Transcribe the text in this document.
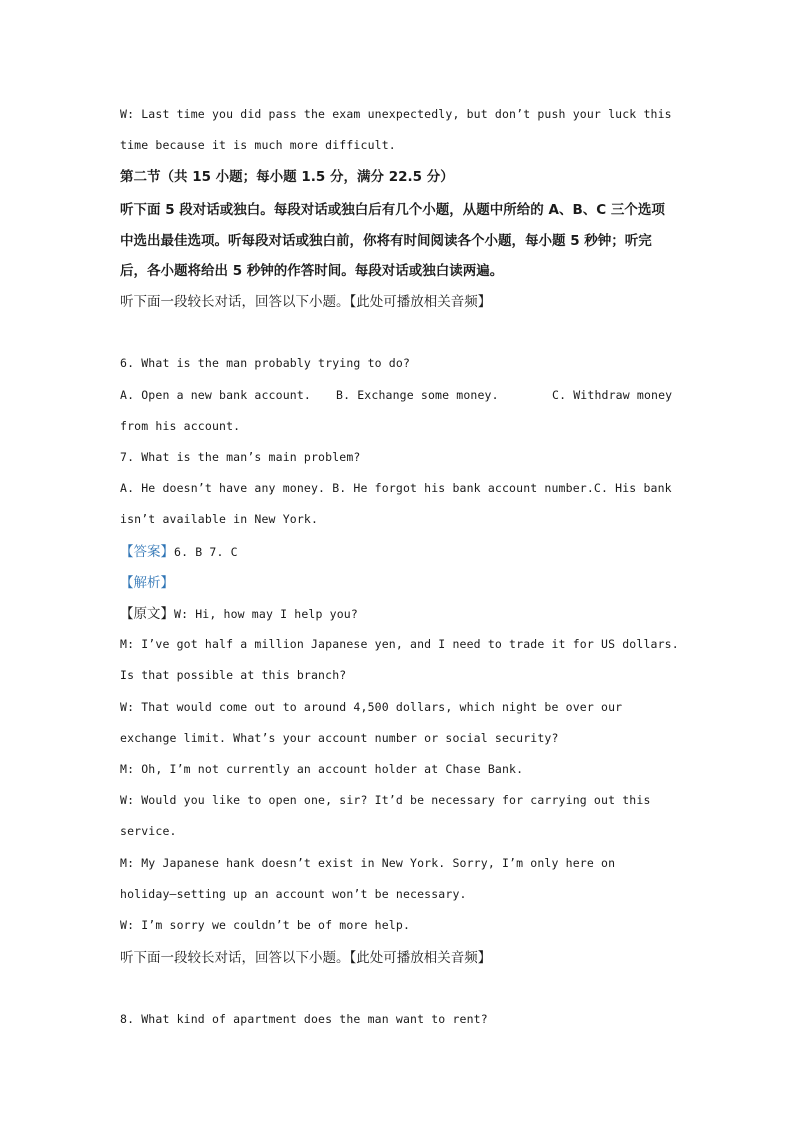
W: Last time you did pass the exam unexpectedly, but don’t push your luck this
time because it is much more difficult.
第二节（共 15 小题；每小题 1.5 分，满分 22.5 分）
听下面 5 段对话或独白。每段对话或独白后有几个小题，从题中所给的 A、B、C 三个选项
中选出最佳选项。听每段对话或独白前，你将有时间阅读各个小题，每小题 5 秒钟；听完
后，各小题将给出 5 秒钟的作答时间。每段对话或独白读两遍。
听下面一段较长对话，回答以下小题。【此处可播放相关音频】
6. What is the man probably trying to do?
A. Open a new bank account. B. Exchange some money.	C. Withdraw money
from his account.
7. What is the man’s main problem?
A. He doesn’t have any money. B. He forgot his bank account number.C. His bank
isn’t available in New York.
【答案】6. B 7. C
【解析】
【原文】W: Hi, how may I help you?
M: I’ve got half a million Japanese yen, and I need to trade it for US dollars.
Is that possible at this branch?
W: That would come out to around 4,500 dollars, which night be over our
exchange limit. What’s your account number or social security?
M: Oh, I’m not currently an account holder at Chase Bank.
W: Would you like to open one, sir? It’d be necessary for carrying out this
service.
M: My Japanese hank doesn’t exist in New York. Sorry, I’m only here on
holiday—setting up an account won’t be necessary.
W: I’m sorry we couldn’t be of more help.
听下面一段较长对话，回答以下小题。【此处可播放相关音频】
8. What kind of apartment does the man want to rent?
